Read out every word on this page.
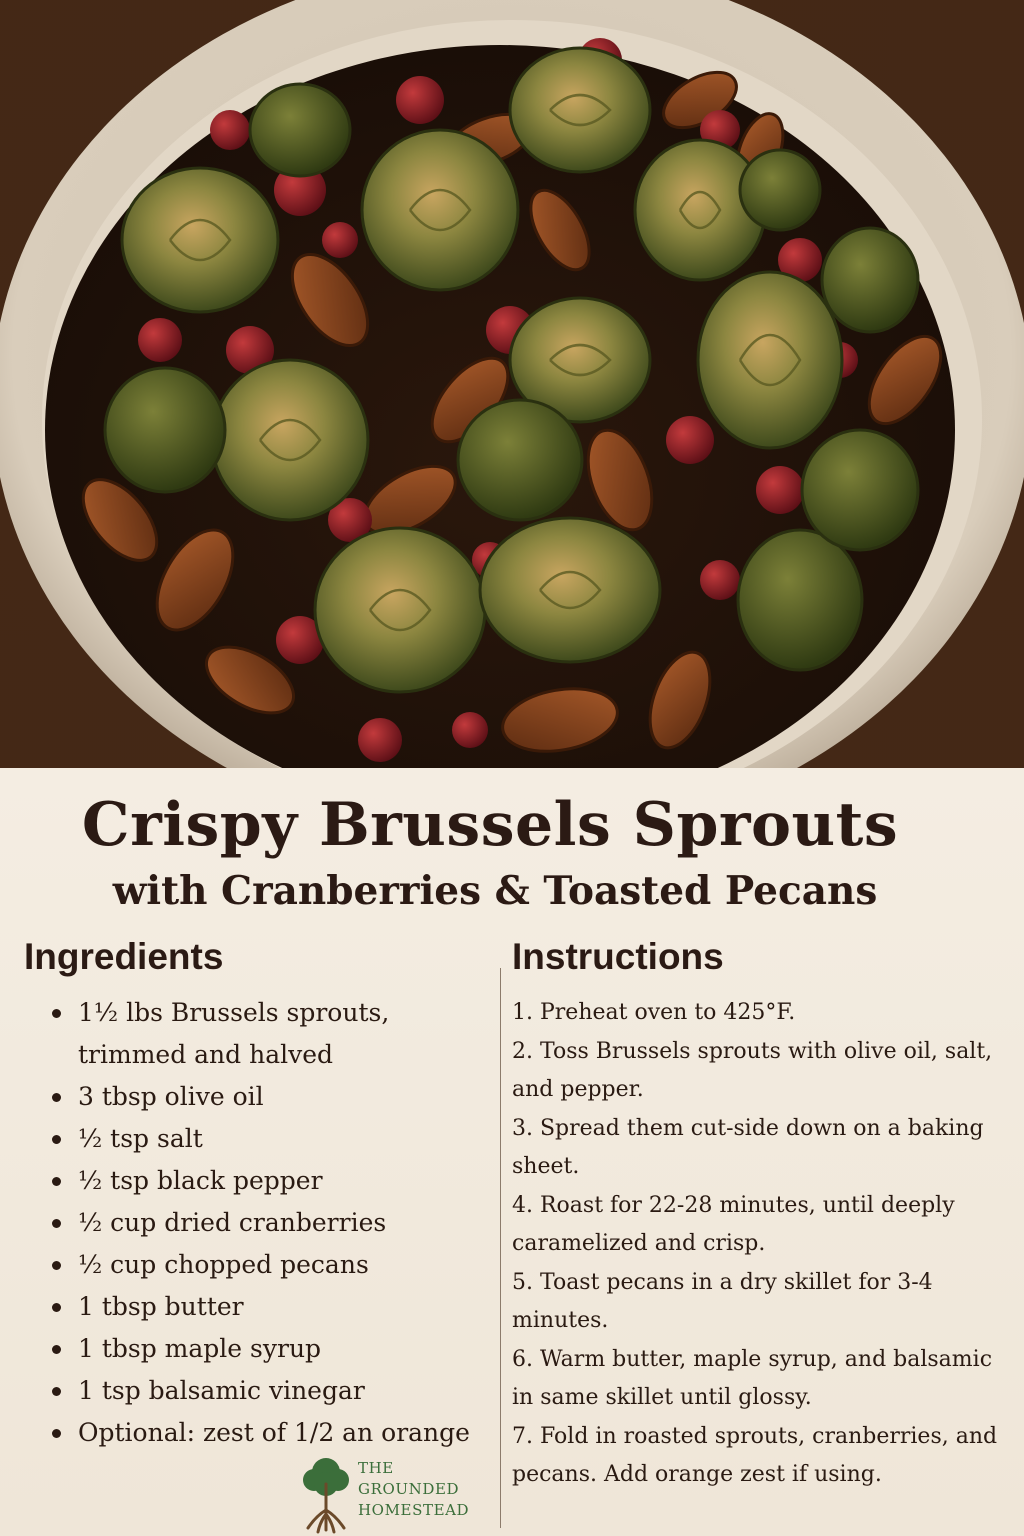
Crispy Brussels Sprouts
with Cranberries & Toasted Pecans
Ingredients	Instructions
1½ lbs Brussels sprouts, trimmed and halved
3 tbsp olive oil
½ tsp salt
½ tsp black pepper
½ cup dried cranberries
½ cup chopped pecans
1 tbsp butter
1 tbsp maple syrup
1 tsp balsamic vinegar
Optional: zest of 1/2 an orange

1. Preheat oven to 425°F.

2. Toss Brussels sprouts with olive oil, salt, and pepper.

3. Spread them cut-side down on a baking sheet.

4. Roast for 22-28 minutes, until deeply caramelized and crisp.

5. Toast pecans in a dry skillet for 3-4 minutes.

6. Warm butter, maple syrup, and balsamic in same skillet until glossy.

7. Fold in roasted sprouts, cranberries, and pecans. Add orange zest if using.

THE
GROUNDED
HOMESTEAD
